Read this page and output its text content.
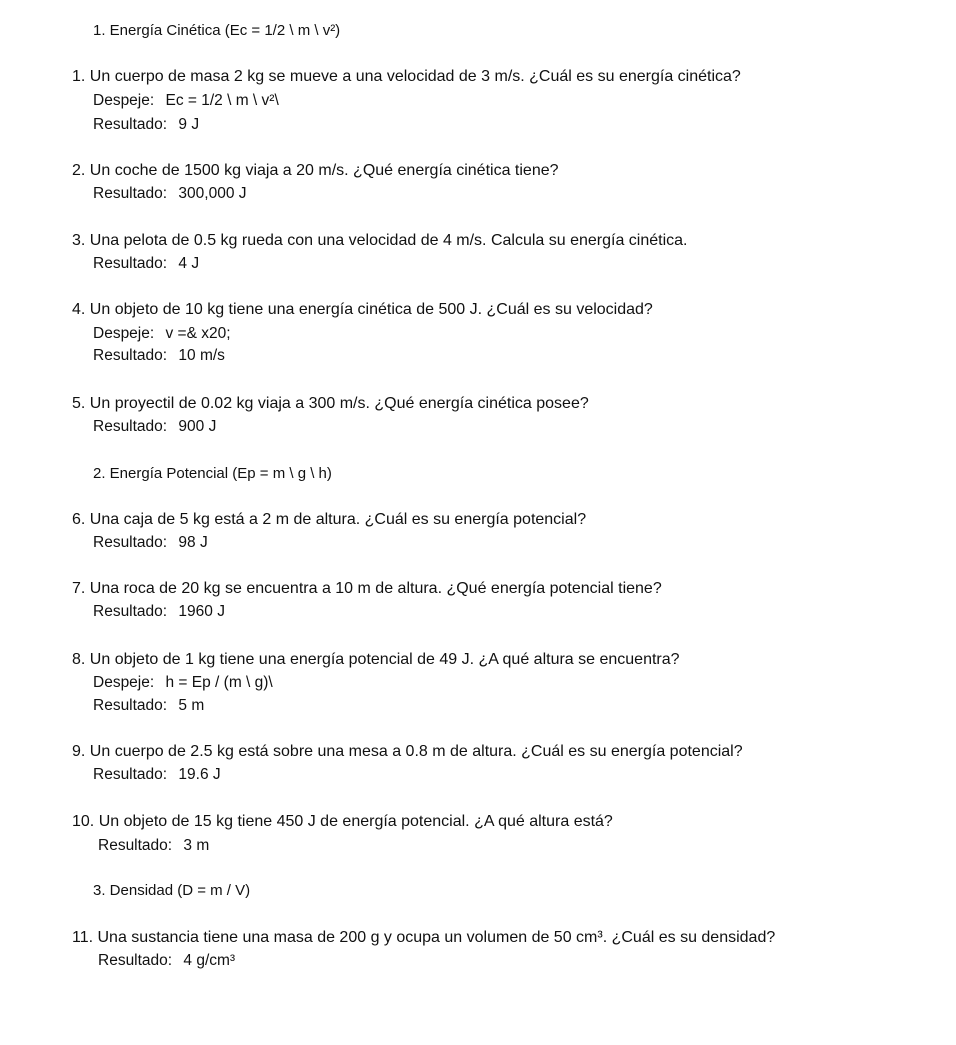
1. Energía Cinética (Ec = 1/2 \ m \ v²)
1. Un cuerpo de masa 2 kg se mueve a una velocidad de 3 m/s. ¿Cuál es su energía cinética?
Despeje: Ec = 1/2 \ m \ v²\
Resultado: 9 J
2. Un coche de 1500 kg viaja a 20 m/s. ¿Qué energía cinética tiene?
Resultado: 300,000 J
3. Una pelota de 0.5 kg rueda con una velocidad de 4 m/s. Calcula su energía cinética.
Resultado: 4 J
4. Un objeto de 10 kg tiene una energía cinética de 500 J. ¿Cuál es su velocidad?
Despeje: v =& x20;
Resultado: 10 m/s
5. Un proyectil de 0.02 kg viaja a 300 m/s. ¿Qué energía cinética posee?
Resultado: 900 J
2. Energía Potencial (Ep = m \ g \ h)
6. Una caja de 5 kg está a 2 m de altura. ¿Cuál es su energía potencial?
Resultado: 98 J
7. Una roca de 20 kg se encuentra a 10 m de altura. ¿Qué energía potencial tiene?
Resultado: 1960 J
8. Un objeto de 1 kg tiene una energía potencial de 49 J. ¿A qué altura se encuentra?
Despeje: h = Ep / (m \ g)\
Resultado: 5 m
9. Un cuerpo de 2.5 kg está sobre una mesa a 0.8 m de altura. ¿Cuál es su energía potencial?
Resultado: 19.6 J
10. Un objeto de 15 kg tiene 450 J de energía potencial. ¿A qué altura está?
Resultado: 3 m
3. Densidad (D = m / V)
11. Una sustancia tiene una masa de 200 g y ocupa un volumen de 50 cm³. ¿Cuál es su densidad?
Resultado: 4 g/cm³
